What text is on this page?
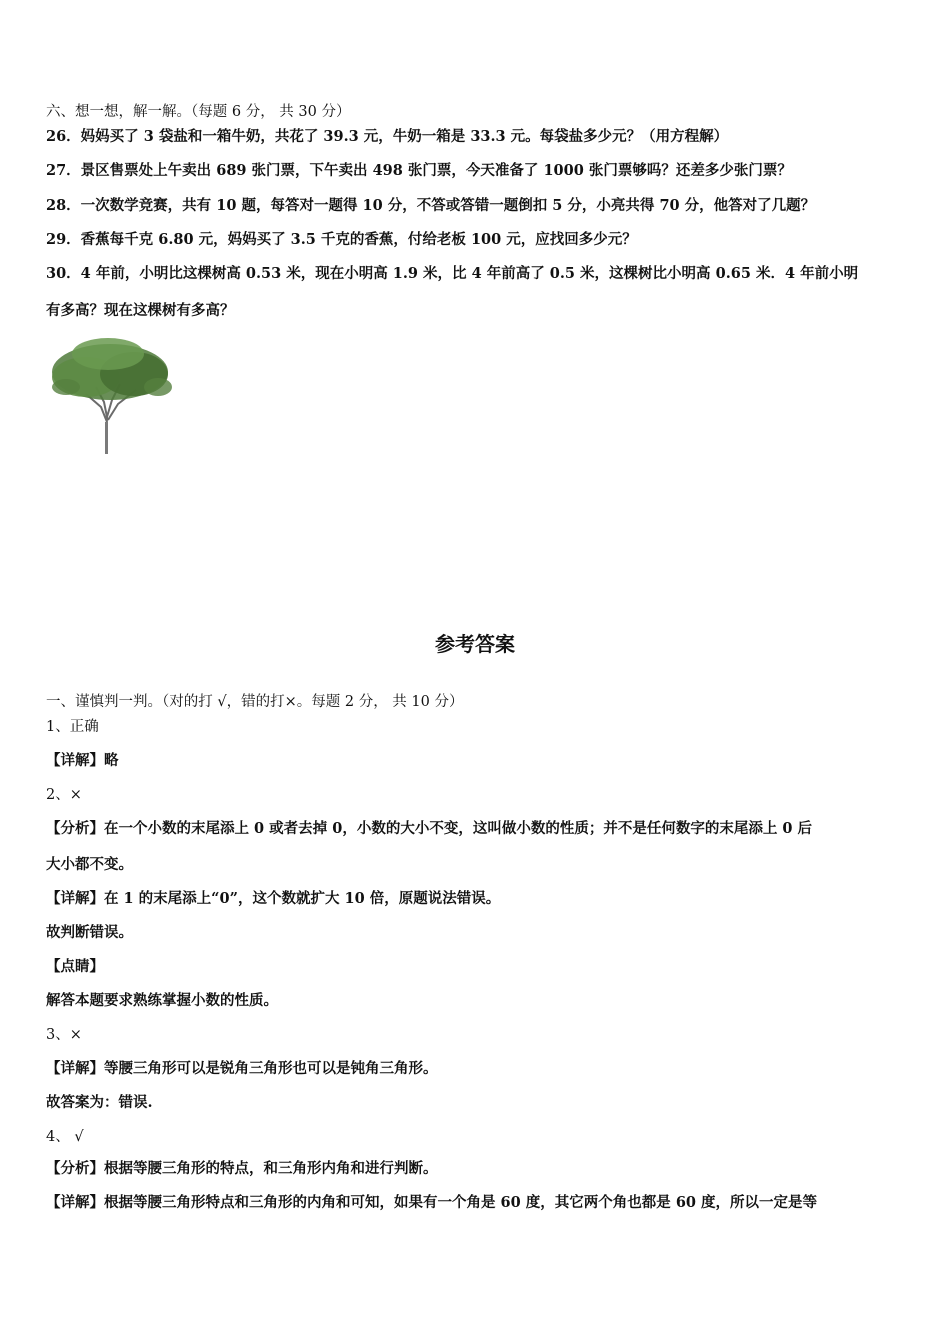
六、想一想，解一解。（每题 6 分， 共 30 分）
26．妈妈买了 3 袋盐和一箱牛奶，共花了 39.3 元，牛奶一箱是 33.3 元。每袋盐多少元？（用方程解）
27．景区售票处上午卖出 689 张门票，下午卖出 498 张门票，今天准备了 1000 张门票够吗？还差多少张门票？
28．一次数学竞赛，共有 10 题，每答对一题得 10 分，不答或答错一题倒扣 5 分，小亮共得 70 分，他答对了几题？
29．香蕉每千克 6.80 元，妈妈买了 3.5 千克的香蕉，付给老板 100 元，应找回多少元？
30．4 年前，小明比这棵树高 0.53 米，现在小明高 1.9 米，比 4 年前高了 0.5 米，这棵树比小明高 0.65 米．4 年前小明
有多高？现在这棵树有多高？
参考答案
一、谨慎判一判。（对的打 √，错的打×。每题 2 分， 共 10 分）
1、正确
【详解】略
2、×
【分析】在一个小数的末尾添上 0 或者去掉 0，小数的大小不变，这叫做小数的性质；并不是任何数字的末尾添上 0 后
大小都不变。
【详解】在 1 的末尾添上“0”，这个数就扩大 10 倍，原题说法错误。
故判断错误。
【点睛】
解答本题要求熟练掌握小数的性质。
3、×
【详解】等腰三角形可以是锐角三角形也可以是钝角三角形。
故答案为：错误.
4、 √
【分析】根据等腰三角形的特点，和三角形内角和进行判断。
【详解】根据等腰三角形特点和三角形的内角和可知，如果有一个角是 60 度，其它两个角也都是 60 度，所以一定是等
